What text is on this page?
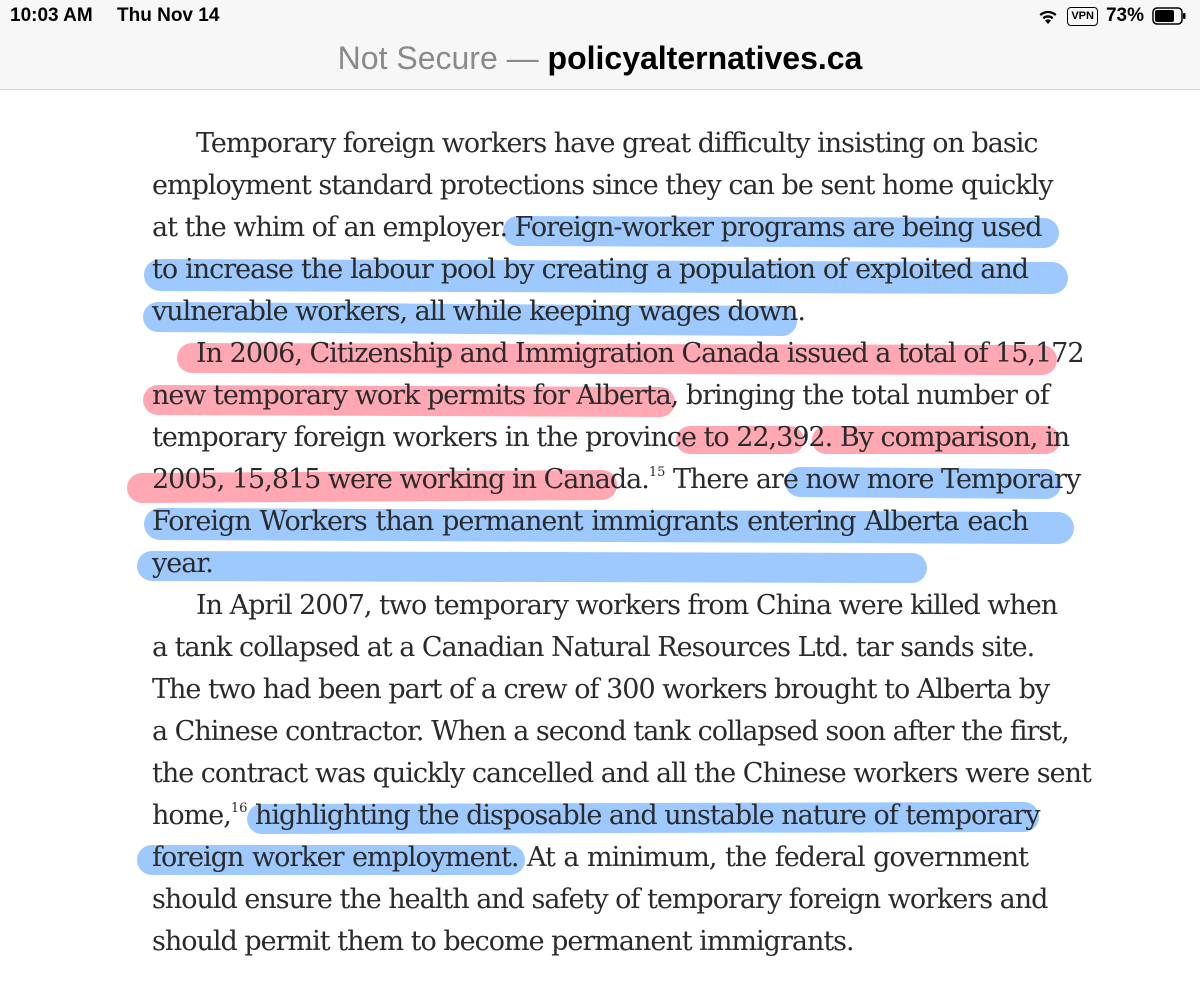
10:03 AM Thu Nov 14	VPN 73%
Not Secure — policyalternatives.ca
Temporary foreign workers have great difficulty insisting on basic
employment standard protections since they can be sent home quickly
at the whim of an employer. Foreign-worker programs are being used
to increase the labour pool by creating a population of exploited and
vulnerable workers, all while keeping wages down.
In 2006, Citizenship and Immigration Canada issued a total of 15,172
new temporary work permits for Alberta, bringing the total number of
temporary foreign workers in the province to 22,392. By comparison, in
2005, 15,815 were working in Canada.$^{15}$ There are now more Temporary
Foreign Workers than permanent immigrants entering Alberta each
year.
In April 2007, two temporary workers from China were killed when
a tank collapsed at a Canadian Natural Resources Ltd. tar sands site.
The two had been part of a crew of 300 workers brought to Alberta by
a Chinese contractor. When a second tank collapsed soon after the first,
the contract was quickly cancelled and all the Chinese workers were sent
home,$^{16}$ highlighting the disposable and unstable nature of temporary
foreign worker employment. At a minimum, the federal government
should ensure the health and safety of temporary foreign workers and
should permit them to become permanent immigrants.
